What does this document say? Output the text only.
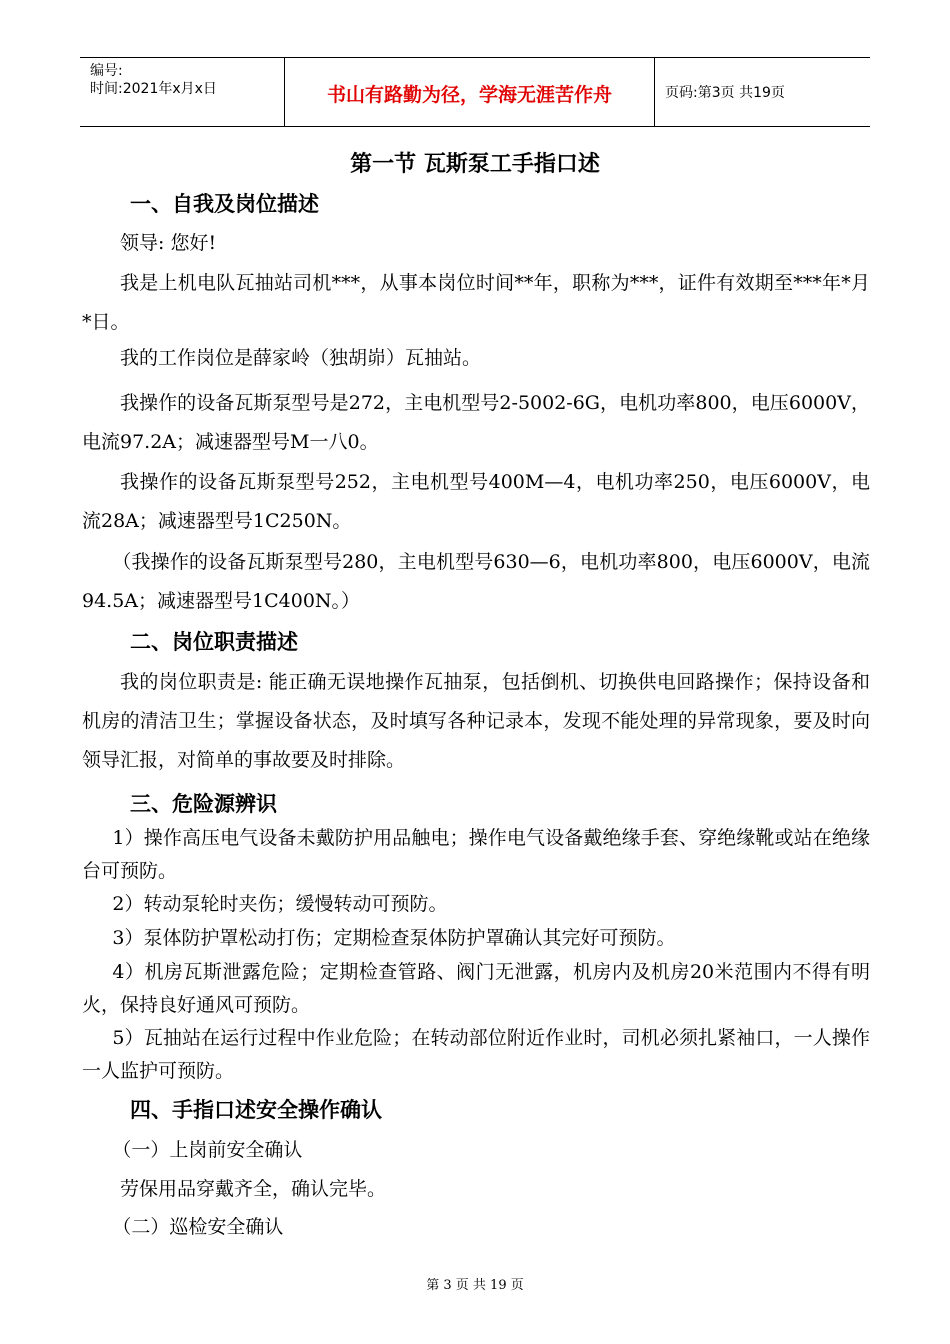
编号:
时间:2021年x月x日	书山有路勤为径，学海无涯苦作舟	页码:第3页 共19页
第一节 瓦斯泵工手指口述
一、自我及岗位描述

领导: 您好!

我是上机电队瓦抽站司机***，从事本岗位时间**年，职称为***，证件有效期至***年*月*日。

我的工作岗位是薛家岭（独胡峁）瓦抽站。

我操作的设备瓦斯泵型号是272，主电机型号2-5002-6G，电机功率800，电压6000V，电流97.2A；减速器型号M一八0。

我操作的设备瓦斯泵型号252，主电机型号400M—4，电机功率250，电压6000V，电流28A；减速器型号1C250N。

（我操作的设备瓦斯泵型号280，主电机型号630—6，电机功率800，电压6000V，电流94.5A；减速器型号1C400N。）

二、岗位职责描述

我的岗位职责是: 能正确无误地操作瓦抽泵，包括倒机、切换供电回路操作；保持设备和机房的清洁卫生；掌握设备状态，及时填写各种记录本，发现不能处理的异常现象，要及时向领导汇报，对简单的事故要及时排除。

三、危险源辨识

1）操作高压电气设备未戴防护用品触电；操作电气设备戴绝缘手套、穿绝缘靴或站在绝缘台可预防。

2）转动泵轮时夹伤；缓慢转动可预防。

3）泵体防护罩松动打伤；定期检查泵体防护罩确认其完好可预防。

4）机房瓦斯泄露危险；定期检查管路、阀门无泄露，机房内及机房20米范围内不得有明火，保持良好通风可预防。

5）瓦抽站在运行过程中作业危险；在转动部位附近作业时，司机必须扎紧袖口，一人操作一人监护可预防。

四、手指口述安全操作确认

（一）上岗前安全确认

劳保用品穿戴齐全，确认完毕。

（二）巡检安全确认

第 3 页 共 19 页
